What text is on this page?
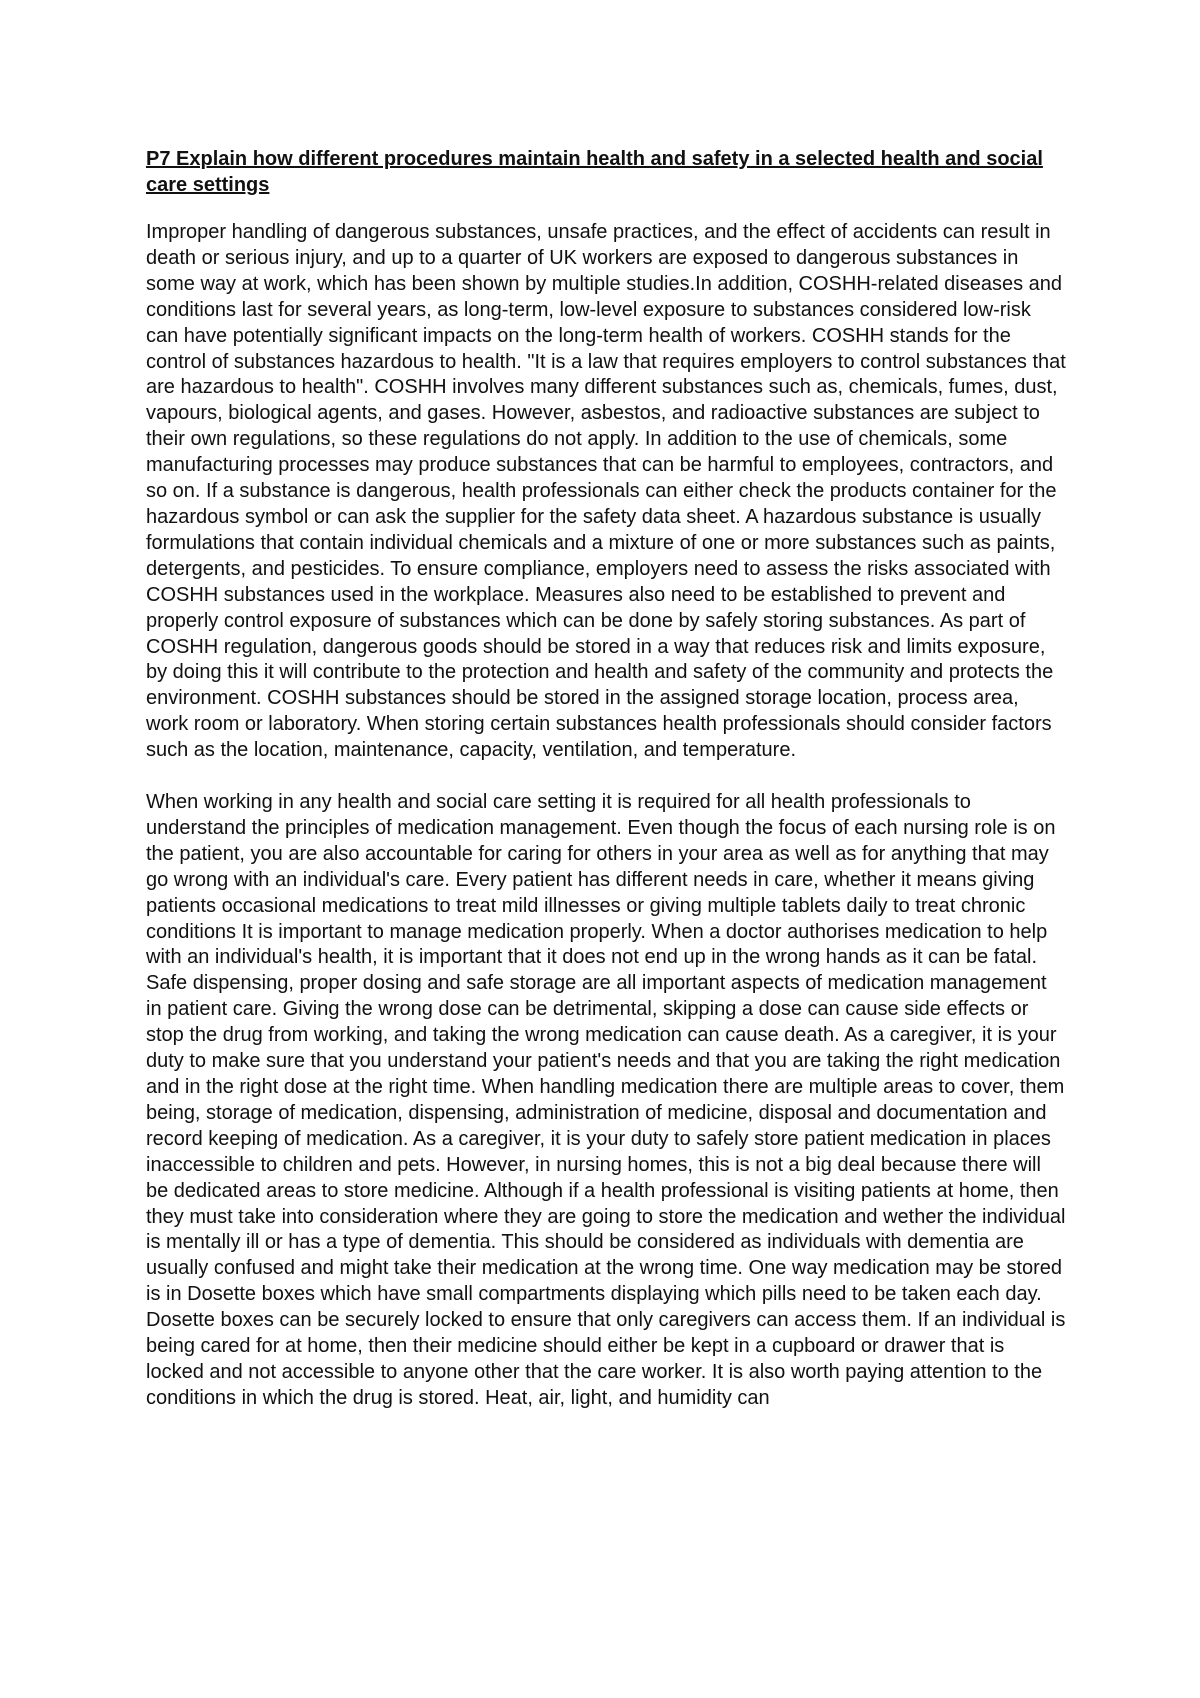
P7 Explain how different procedures maintain health and safety in a selected health and social care settings

Improper handling of dangerous substances, unsafe practices, and the effect of accidents can result in death or serious injury, and up to a quarter of UK workers are exposed to dangerous substances in some way at work, which has been shown by multiple studies.In addition, COSHH-related diseases and conditions last for several years, as long-term, low-level exposure to substances considered low-risk can have potentially significant impacts on the long-term health of workers. COSHH stands for the control of substances hazardous to health. "It is a law that requires employers to control substances that are hazardous to health". COSHH involves many different substances such as, chemicals, fumes, dust, vapours, biological agents, and gases. However, asbestos, and radioactive substances are subject to their own regulations, so these regulations do not apply. In addition to the use of chemicals, some manufacturing processes may produce substances that can be harmful to employees, contractors, and so on. If a substance is dangerous, health professionals can either check the products container for the hazardous symbol or can ask the supplier for the safety data sheet. A hazardous substance is usually formulations that contain individual chemicals and a mixture of one or more substances such as paints, detergents, and pesticides. To ensure compliance, employers need to assess the risks associated with COSHH substances used in the workplace. Measures also need to be established to prevent and properly control exposure of substances which can be done by safely storing substances. As part of COSHH regulation, dangerous goods should be stored in a way that reduces risk and limits exposure, by doing this it will contribute to the protection and health and safety of the community and protects the environment. COSHH substances should be stored in the assigned storage location, process area, work room or laboratory. When storing certain substances health professionals should consider factors such as the location, maintenance, capacity, ventilation, and temperature.

When working in any health and social care setting it is required for all health professionals to understand the principles of medication management. Even though the focus of each nursing role is on the patient, you are also accountable for caring for others in your area as well as for anything that may go wrong with an individual's care. Every patient has different needs in care, whether it means giving patients occasional medications to treat mild illnesses or giving multiple tablets daily to treat chronic conditions It is important to manage medication properly. When a doctor authorises medication to help with an individual's health, it is important that it does not end up in the wrong hands as it can be fatal. Safe dispensing, proper dosing and safe storage are all important aspects of medication management in patient care. Giving the wrong dose can be detrimental, skipping a dose can cause side effects or stop the drug from working, and taking the wrong medication can cause death. As a caregiver, it is your duty to make sure that you understand your patient's needs and that you are taking the right medication and in the right dose at the right time. When handling medication there are multiple areas to cover, them being, storage of medication, dispensing, administration of medicine, disposal and documentation and record keeping of medication. As a caregiver, it is your duty to safely store patient medication in places inaccessible to children and pets. However, in nursing homes, this is not a big deal because there will be dedicated areas to store medicine. Although if a health professional is visiting patients at home, then they must take into consideration where they are going to store the medication and wether the individual is mentally ill or has a type of dementia. This should be considered as individuals with dementia are usually confused and might take their medication at the wrong time. One way medication may be stored is in Dosette boxes which have small compartments displaying which pills need to be taken each day. Dosette boxes can be securely locked to ensure that only caregivers can access them. If an individual is being cared for at home, then their medicine should either be kept in a cupboard or drawer that is locked and not accessible to anyone other that the care worker. It is also worth paying attention to the conditions in which the drug is stored. Heat, air, light, and humidity can
